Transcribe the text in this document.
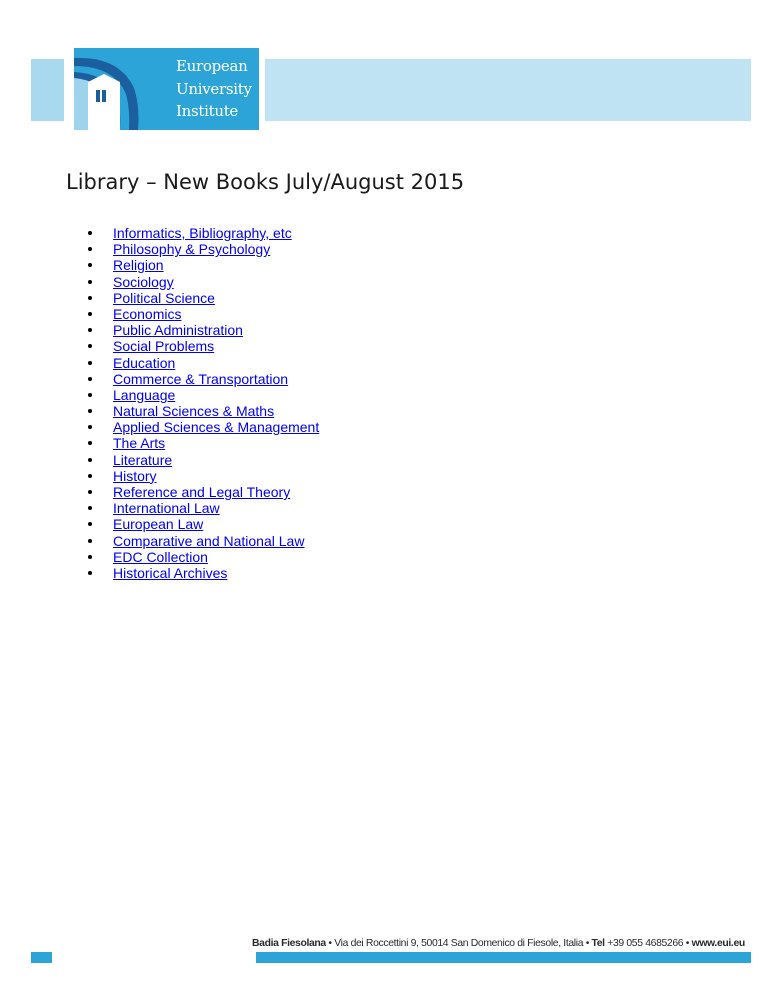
European
University
Institute
Library – New Books July/August 2015
Informatics, Bibliography, etc
Philosophy & Psychology
Religion
Sociology
Political Science
Economics
Public Administration
Social Problems
Education
Commerce & Transportation
Language
Natural Sciences & Maths
Applied Sciences & Management
The Arts
Literature
History
Reference and Legal Theory
International Law
European Law
Comparative and National Law
EDC Collection
Historical Archives
Badia Fiesolana • Via dei Roccettini 9, 50014 San Domenico di Fiesole, Italia • Tel +39 055 4685266 • www.eui.eu
